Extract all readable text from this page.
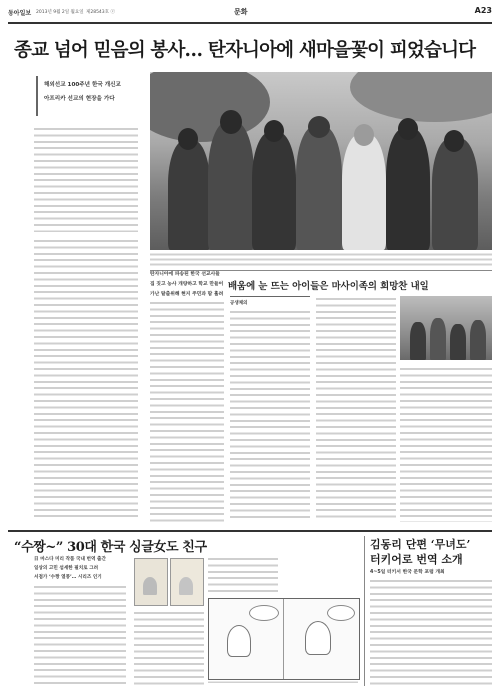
동아일보 2013년 9월 2일 월요일 제28543호 ⓒ	문화	A23
종교 넘어 믿음의 봉사… 탄자니아에 새마을꽃이 피었습니다
해외선교 100주년 한국 개신교
아프리카 선교의 현장을 가다
배움에 눈 뜨는 아이들은 마사이족의 희망찬 내일
탄자니아에 파송된 한국 선교사들
집 짓고 농사 개량하고 학교 만들어
가난 탈출위해 현지 주민과 땀 흘려
공생체의
“수짱~” 30대 한국 싱글女도 친구
日 마스다 미리 작품 국내 번역 출간
일상의 고민 섬세한 필치로 그려
서점가 ‘수짱 열풍’… 시리즈 인기
김동리 단편 ‘무녀도’
터키어로 번역 소개
4~5일 터키서 한국 문학 포럼 개최
